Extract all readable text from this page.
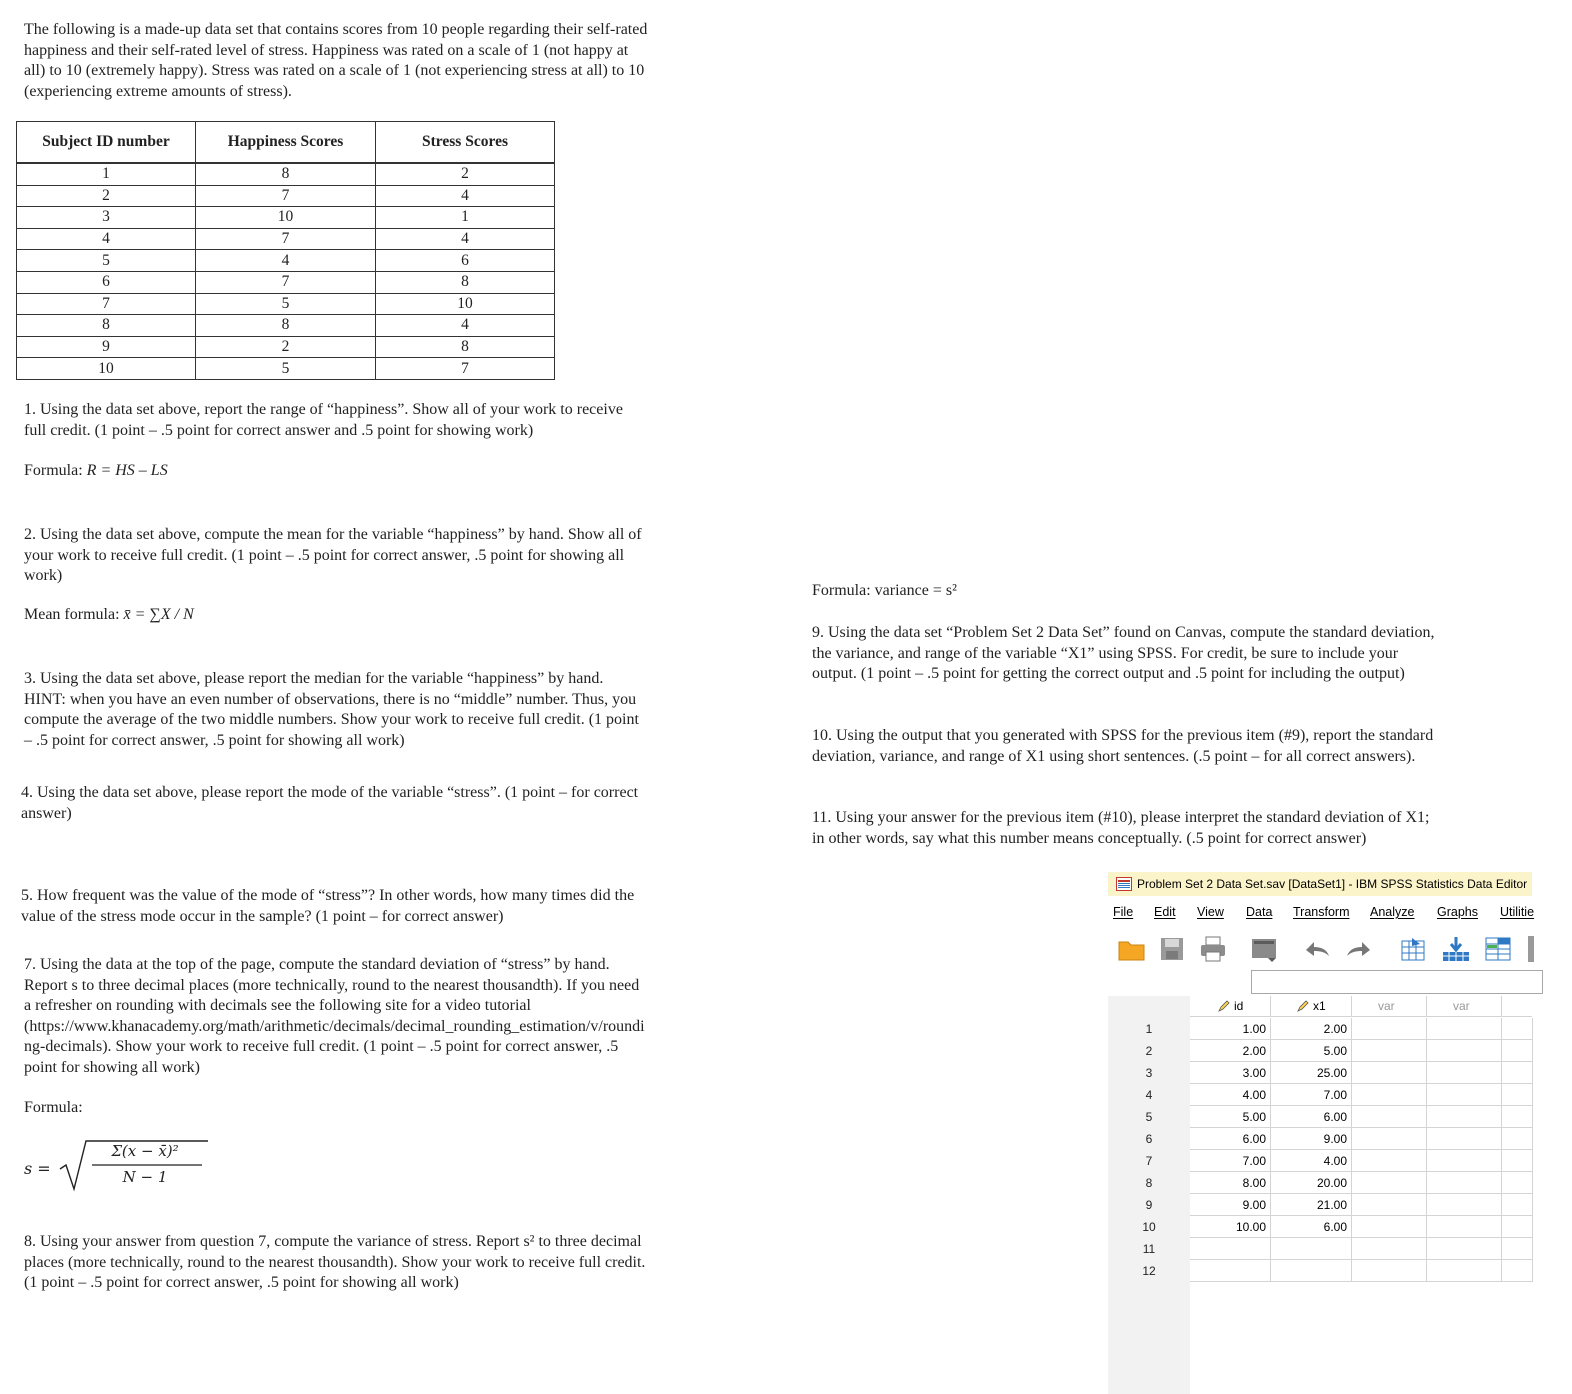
The following is a made-up data set that contains scores from 10 people regarding their self-rated
happiness and their self-rated level of stress. Happiness was rated on a scale of 1 (not happy at
all) to 10 (extremely happy). Stress was rated on a scale of 1 (not experiencing stress at all) to 10
(experiencing extreme amounts of stress).
Subject ID number	Happiness Scores	Stress Scores

1	8	2
2	7	4
3	10	1
4	7	4
5	4	6
6	7	8
7	5	10
8	8	4
9	2	8
10	5	7
1. Using the data set above, report the range of “happiness”. Show all of your work to receive
full credit. (1 point – .5 point for correct answer and .5 point for showing work)
Formula: R = HS – LS
2. Using the data set above, compute the mean for the variable “happiness” by hand. Show all of
your work to receive full credit. (1 point – .5 point for correct answer, .5 point for showing all
work)
Mean formula: x̄ = ∑X / N
3. Using the data set above, please report the median for the variable “happiness” by hand.
HINT: when you have an even number of observations, there is no “middle” number. Thus, you
compute the average of the two middle numbers. Show your work to receive full credit. (1 point
– .5 point for correct answer, .5 point for showing all work)
4. Using the data set above, please report the mode of the variable “stress”. (1 point – for correct
answer)
5. How frequent was the value of the mode of “stress”? In other words, how many times did the
value of the stress mode occur in the sample? (1 point – for correct answer)
7. Using the data at the top of the page, compute the standard deviation of “stress” by hand.
Report s to three decimal places (more technically, round to the nearest thousandth). If you need
a refresher on rounding with decimals see the following site for a video tutorial
(https://www.khanacademy.org/math/arithmetic/decimals/decimal_rounding_estimation/v/roundi
ng-decimals). Show your work to receive full credit. (1 point – .5 point for correct answer, .5
point for showing all work)
Formula:
s =
Σ(x − x̄)²
N − 1
8. Using your answer from question 7, compute the variance of stress. Report s² to three decimal
places (more technically, round to the nearest thousandth). Show your work to receive full credit.
(1 point – .5 point for correct answer, .5 point for showing all work)
Formula: variance = s²
9. Using the data set “Problem Set 2 Data Set” found on Canvas, compute the standard deviation,
the variance, and range of the variable “X1” using SPSS. For credit, be sure to include your
output. (1 point – .5 point for getting the correct output and .5 point for including the output)
10. Using the output that you generated with SPSS for the previous item (#9), report the standard
deviation, variance, and range of X1 using short sentences. (.5 point – for all correct answers).
11. Using your answer for the previous item (#10), please interpret the standard deviation of X1;
in other words, say what this number means conceptually. (.5 point for correct answer)
Problem Set 2 Data Set.sav [DataSet1] - IBM SPSS Statistics Data Editor
File Edit View Data Transform Analyze Graphs Utilitie
id	x1	var	var
1	1.00	2.00
2	2.00	5.00
3	3.00	25.00
4	4.00	7.00
5	5.00	6.00
6	6.00	9.00
7	7.00	4.00
8	8.00	20.00
9	9.00	21.00
10	10.00	6.00
11
12
